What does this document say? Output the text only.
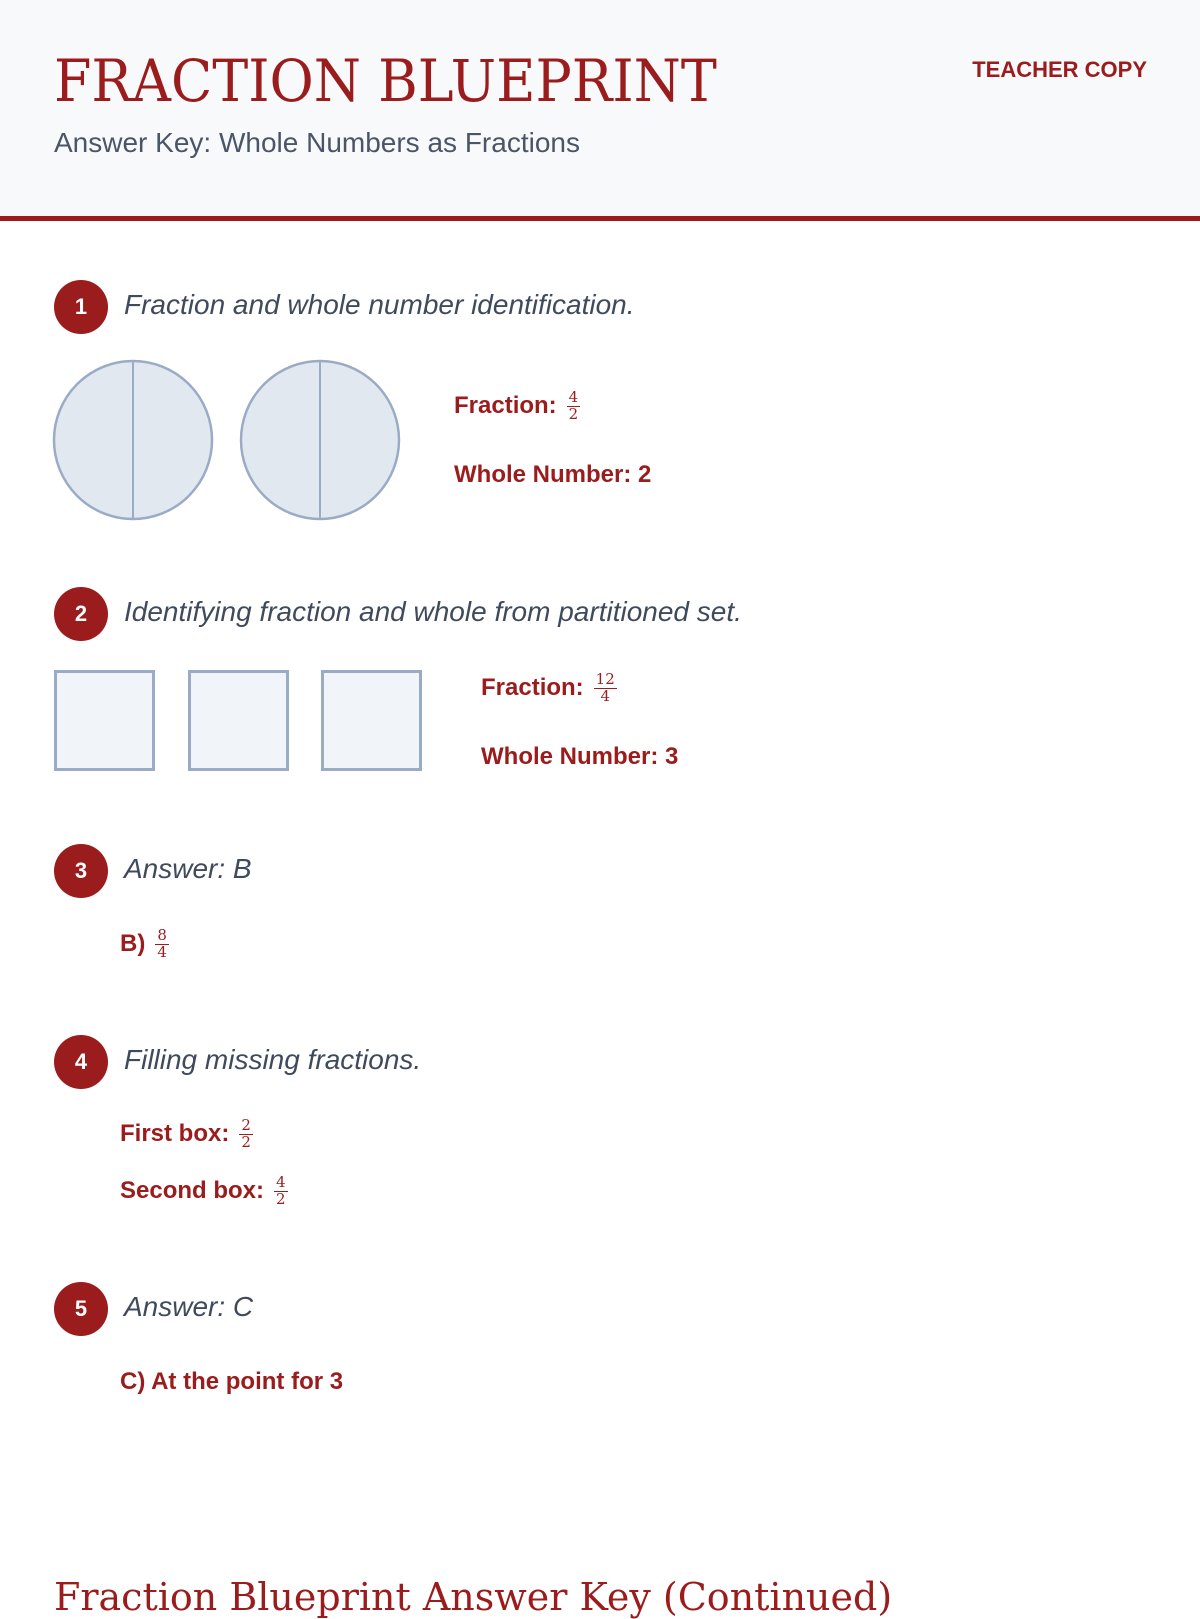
FRACTION BLUEPRINT
Answer Key: Whole Numbers as Fractions
TEACHER COPY
1	Fraction and whole number identification.
Fraction: $\frac{4}{2}$
Whole Number: 2
2	Identifying fraction and whole from partitioned set.
Fraction: $\frac{12}{4}$
Whole Number: 3
3	Answer: B
$B) \frac{8}{4}$
4	Filling missing fractions.
First box: $\frac{2}{2}$
Second box: $\frac{4}{2}$
5	Answer: C
C) At the point for 3
Fraction Blueprint Answer Key (Continued)
